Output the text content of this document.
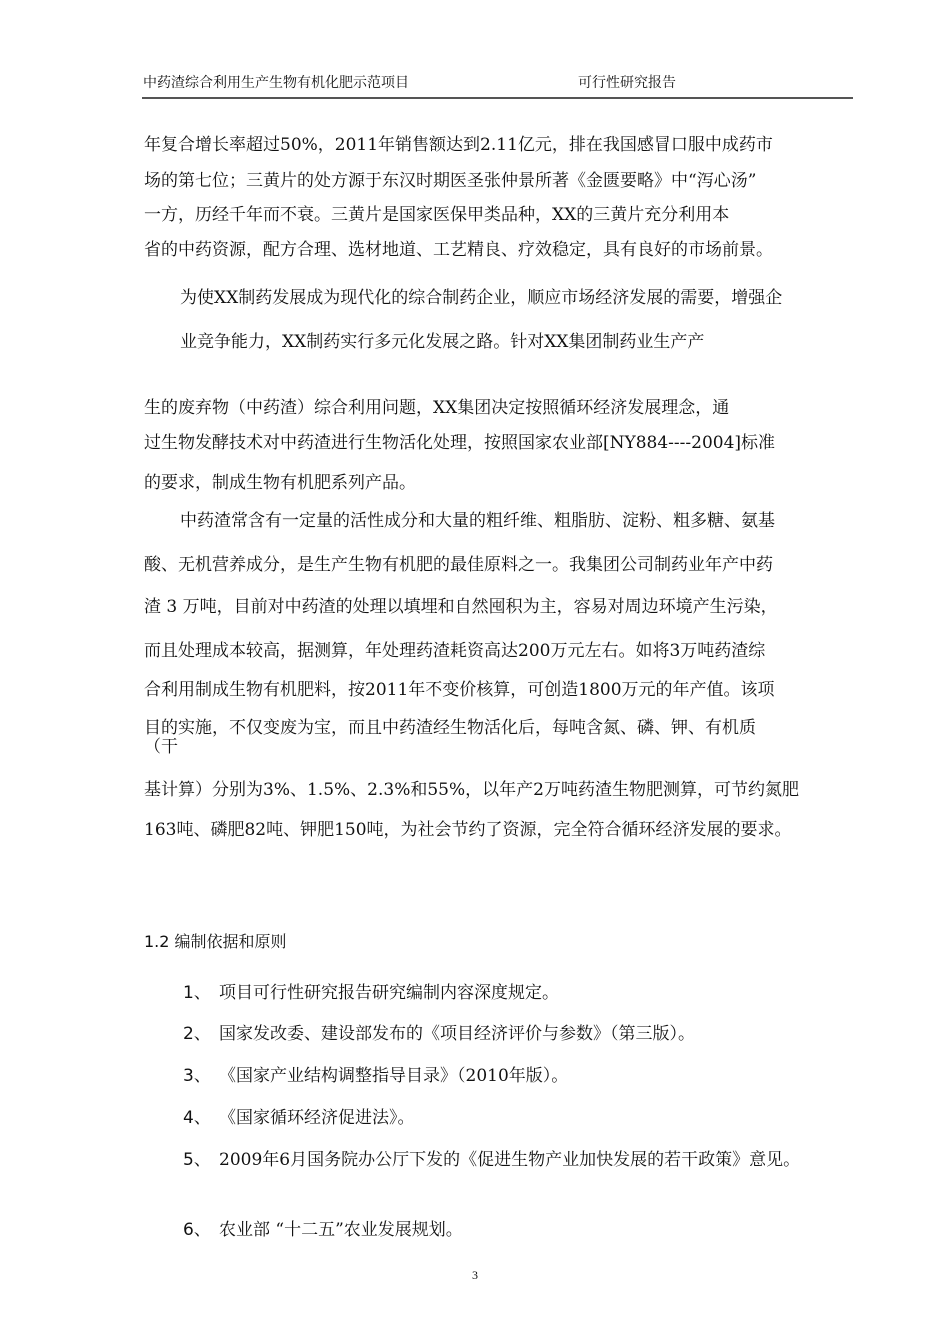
中药渣综合利用生产生物有机化肥示范项目	可行性研究报告
年复合增长率超过50%，2011年销售额达到2.11亿元，排在我国感冒口服中成药市
场的第七位；三黄片的处方源于东汉时期医圣张仲景所著《金匮要略》中“泻心汤”
一方，历经千年而不衰。三黄片是国家医保甲类品种，XX的三黄片充分利用本
省的中药资源，配方合理、选材地道、工艺精良、疗效稳定，具有良好的市场前景。
为使XX制药发展成为现代化的综合制药企业，顺应市场经济发展的需要，增强企
业竞争能力，XX制药实行多元化发展之路。针对XX集团制药业生产产
生的废弃物（中药渣）综合利用问题，XX集团决定按照循环经济发展理念，通
过生物发酵技术对中药渣进行生物活化处理，按照国家农业部[NY884----2004]标准
的要求，制成生物有机肥系列产品。
中药渣常含有一定量的活性成分和大量的粗纤维、粗脂肪、淀粉、粗多糖、氨基
酸、无机营养成分，是生产生物有机肥的最佳原料之一。我集团公司制药业年产中药
渣 3 万吨，目前对中药渣的处理以填埋和自然囤积为主，容易对周边环境产生污染，
而且处理成本较高，据测算，年处理药渣耗资高达200万元左右。如将3万吨药渣综
合利用制成生物有机肥料，按2011年不变价核算，可创造1800万元的年产值。该项
目的实施，不仅变废为宝，而且中药渣经生物活化后，每吨含氮、磷、钾、有机质
（干
基计算）分别为3%、1.5%、2.3%和55%，以年产2万吨药渣生物肥测算，可节约氮肥
163吨、磷肥82吨、钾肥150吨，为社会节约了资源，完全符合循环经济发展的要求。
1.2 编制依据和原则
1、 项目可行性研究报告研究编制内容深度规定。
2、 国家发改委、建设部发布的《项目经济评价与参数》（第三版）。
3、 《国家产业结构调整指导目录》（2010年版）。
4、 《国家循环经济促进法》。
5、 2009年6月国务院办公厅下发的《促进生物产业加快发展的若干政策》意见。
6、 农业部 “十二五”农业发展规划。
3
